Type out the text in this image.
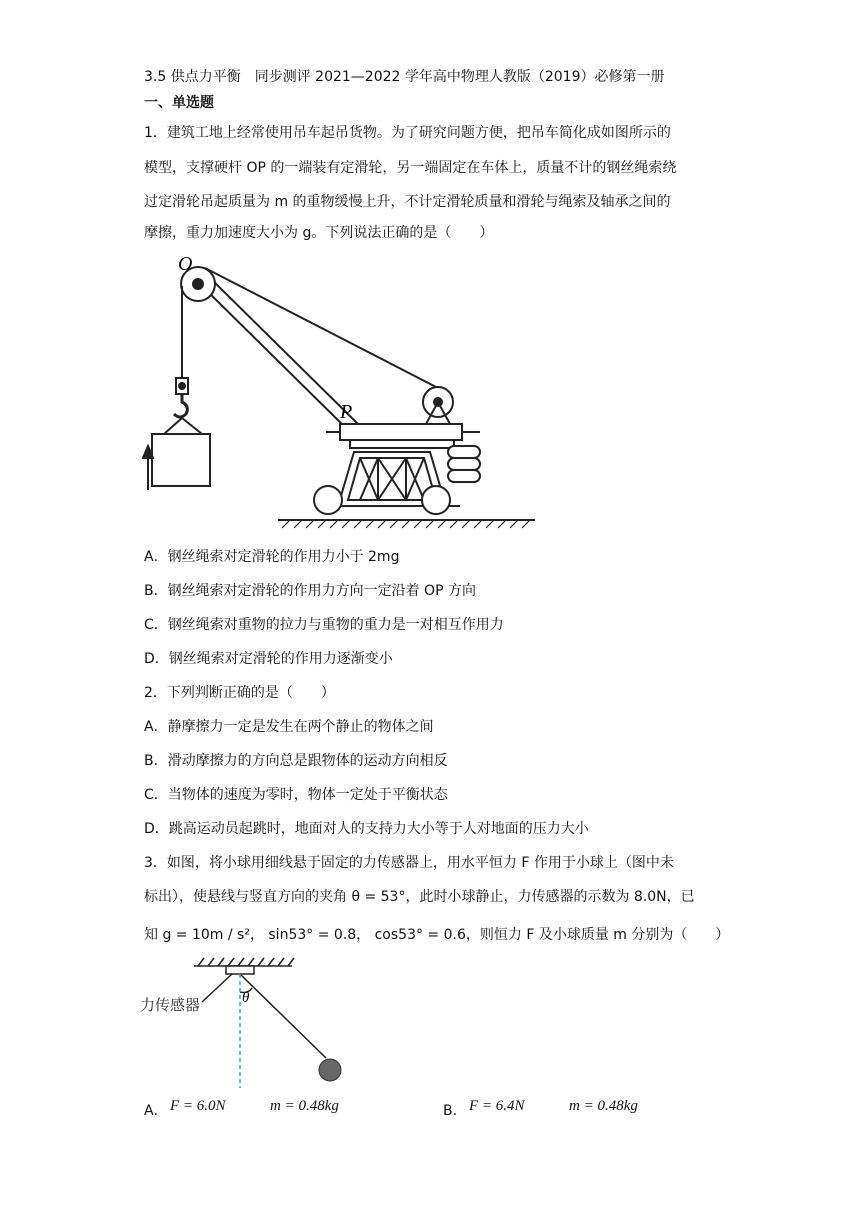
3.5 供点力平衡　同步测评 2021—2022 学年高中物理人教版（2019）必修第一册
一、单选题
1．建筑工地上经常使用吊车起吊货物。为了研究问题方便，把吊车简化成如图所示的
模型，支撑硬杆 OP 的一端装有定滑轮，另一端固定在车体上，质量不计的钢丝绳索绕
过定滑轮吊起质量为 m 的重物缓慢上升，不计定滑轮质量和滑轮与绳索及轴承之间的
摩擦，重力加速度大小为 g。下列说法正确的是（　　）
O
P
A．钢丝绳索对定滑轮的作用力小于 2mg
B．钢丝绳索对定滑轮的作用力方向一定沿着 OP 方向
C．钢丝绳索对重物的拉力与重物的重力是一对相互作用力
D．钢丝绳索对定滑轮的作用力逐渐变小
2．下列判断正确的是（　　）
A．静摩擦力一定是发生在两个静止的物体之间
B．滑动摩擦力的方向总是跟物体的运动方向相反
C．当物体的速度为零时，物体一定处于平衡状态
D．跳高运动员起跳时，地面对人的支持力大小等于人对地面的压力大小
3．如图，将小球用细线悬于固定的力传感器上，用水平恒力 F 作用于小球上（图中未
标出），使悬线与竖直方向的夹角 θ = 53°，此时小球静止，力传感器的示数为 8.0N，已
知 g = 10m / s²， sin53° = 0.8， cos53° = 0.6，则恒力 F 及小球质量 m 分别为（　　）
力传感器	θ
A． F = 6.0N	m = 0.48kg	B． F = 6.4N	m = 0.48kg
